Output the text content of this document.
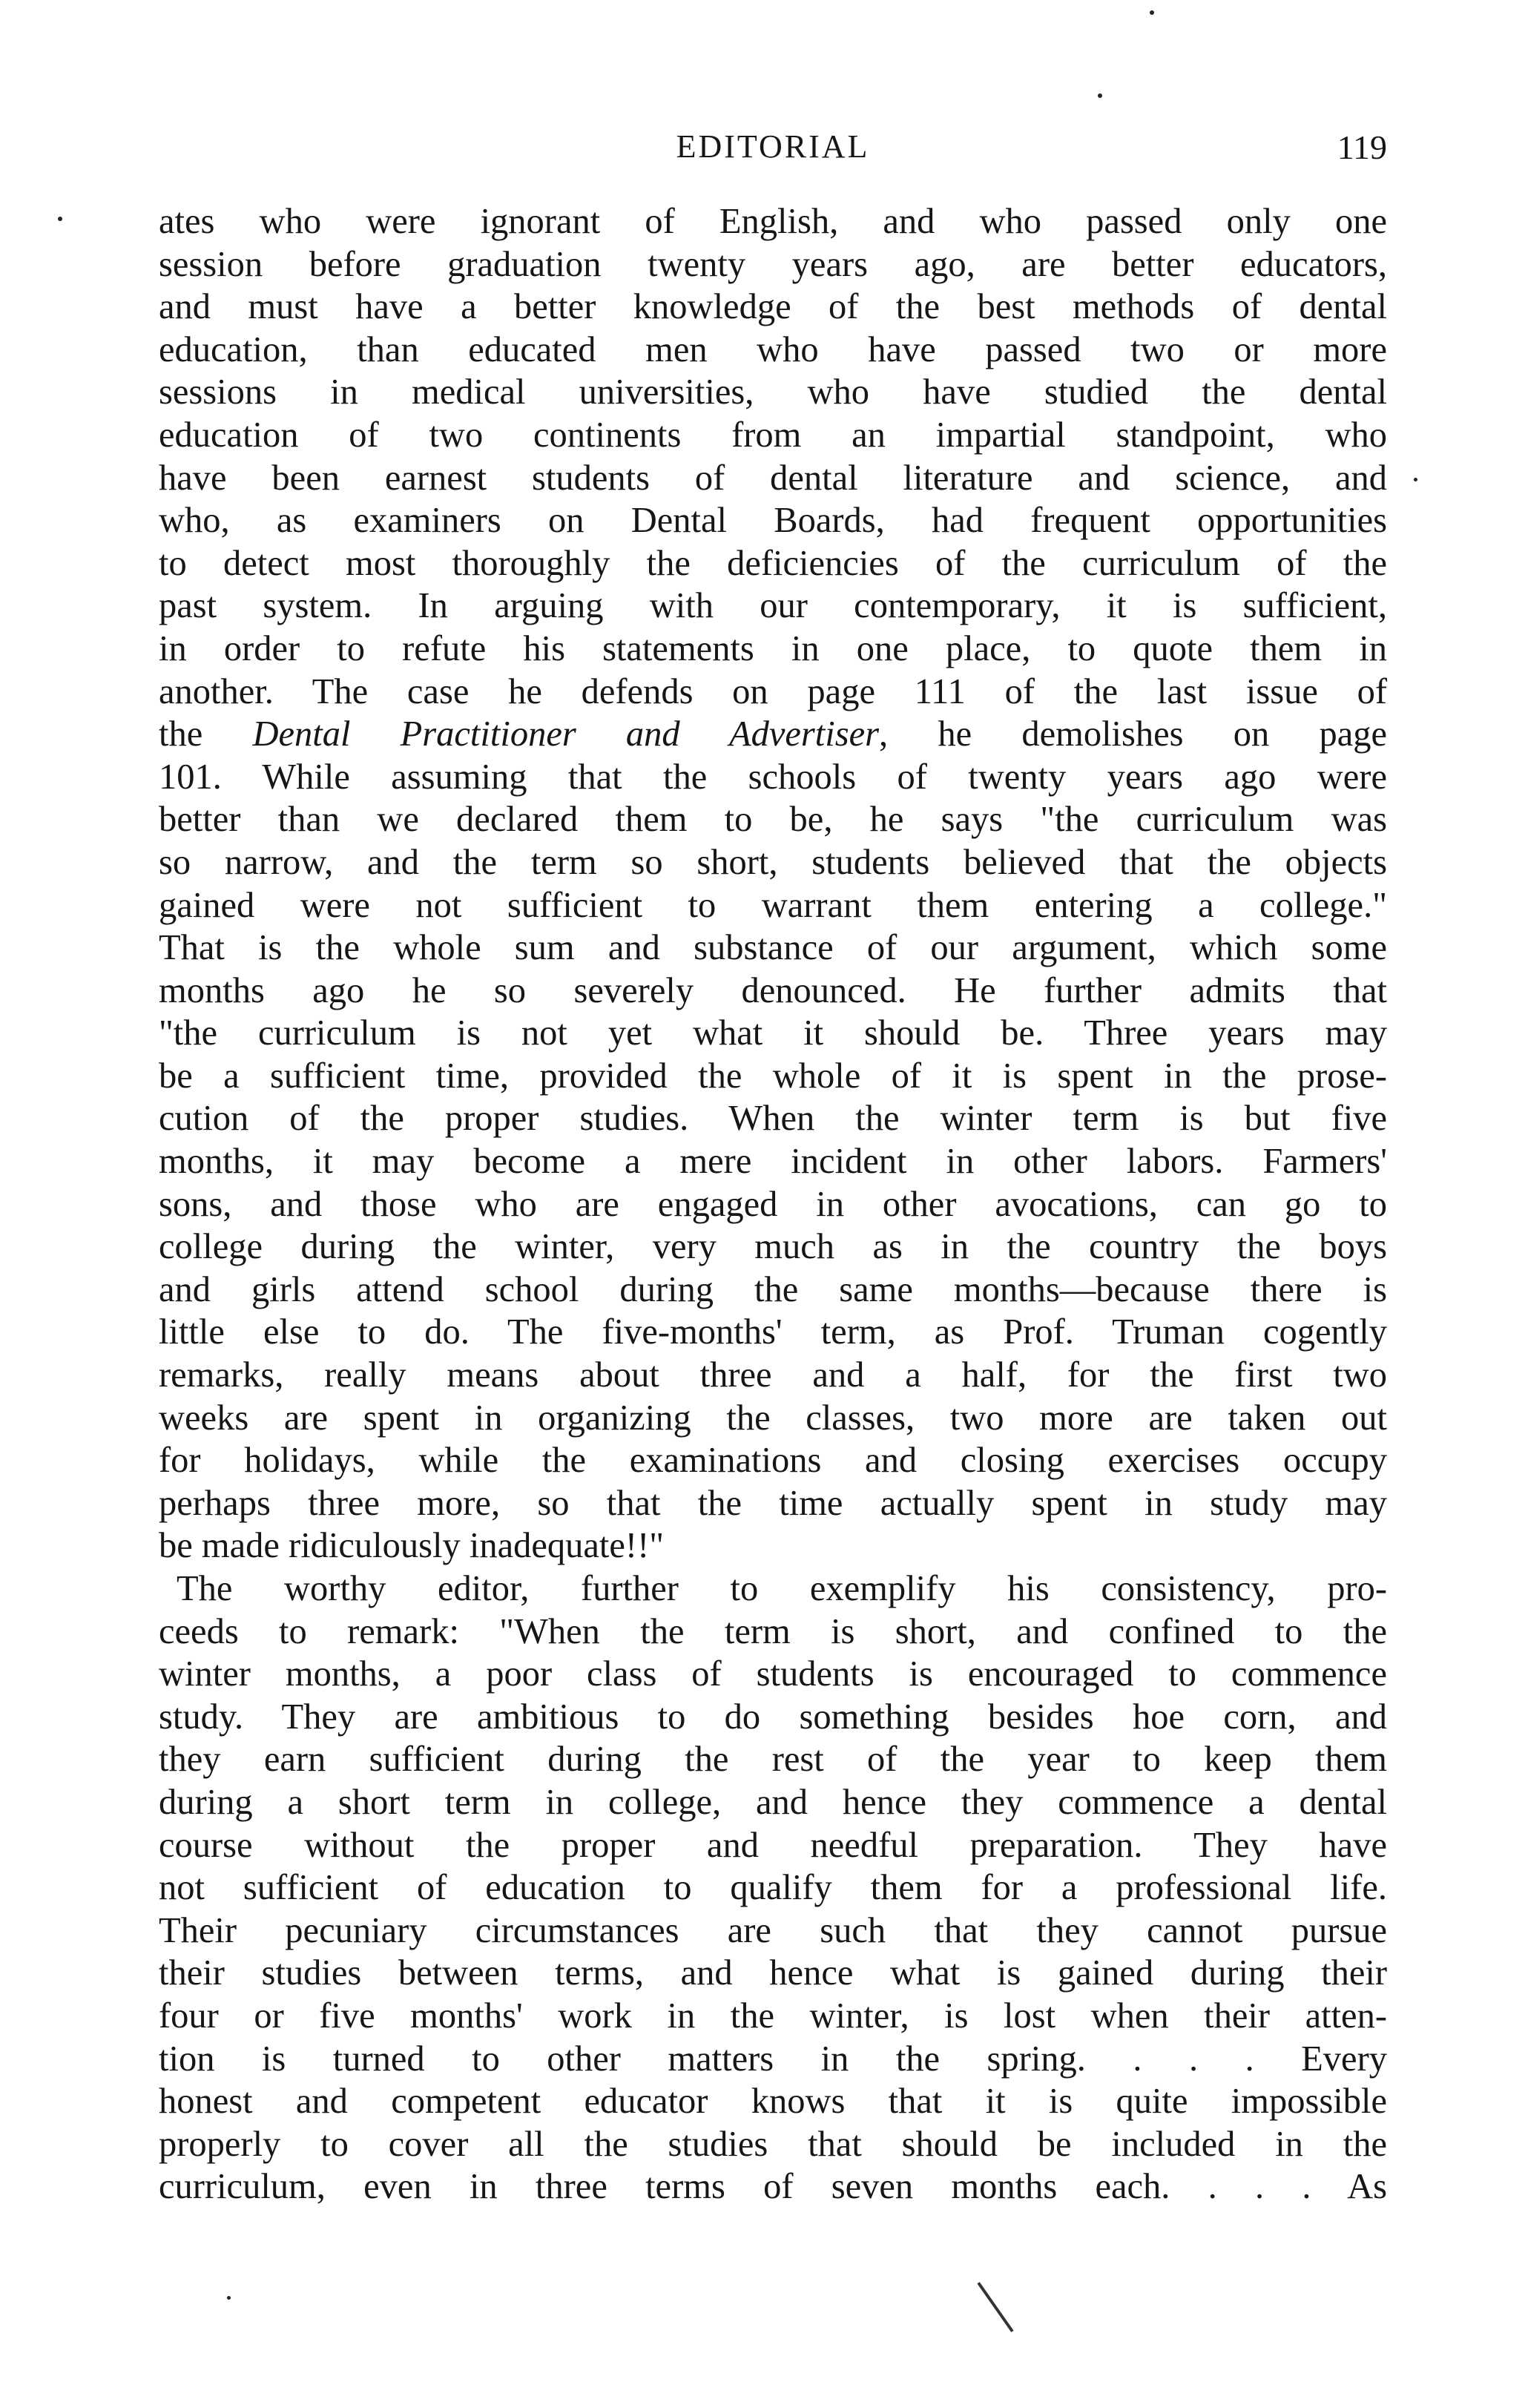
EDITORIAL	119
ates who were ignorant of English, and who passed only one
session before graduation twenty years ago, are better educators,
and must have a better knowledge of the best methods of dental
education, than educated men who have passed two or more
sessions in medical universities, who have studied the dental
education of two continents from an impartial standpoint, who
have been earnest students of dental literature and science, and
who, as examiners on Dental Boards, had frequent opportunities
to detect most thoroughly the deficiencies of the curriculum of the
past system. In arguing with our contemporary, it is sufficient,
in order to refute his statements in one place, to quote them in
another. The case he defends on page 111 of the last issue of
the Dental Practitioner and Advertiser, he demolishes on page
101. While assuming that the schools of twenty years ago were
better than we declared them to be, he says "the curriculum was
so narrow, and the term so short, students believed that the objects
gained were not sufficient to warrant them entering a college."
That is the whole sum and substance of our argument, which some
months ago he so severely denounced. He further admits that
"the curriculum is not yet what it should be. Three years may
be a sufficient time, provided the whole of it is spent in the prose-
cution of the proper studies. When the winter term is but five
months, it may become a mere incident in other labors. Farmers'
sons, and those who are engaged in other avocations, can go to
college during the winter, very much as in the country the boys
and girls attend school during the same months—because there is
little else to do. The five-months' term, as Prof. Truman cogently
remarks, really means about three and a half, for the first two
weeks are spent in organizing the classes, two more are taken out
for holidays, while the examinations and closing exercises occupy
perhaps three more, so that the time actually spent in study may
be made ridiculously inadequate!!"
The worthy editor, further to exemplify his consistency, pro-
ceeds to remark: "When the term is short, and confined to the
winter months, a poor class of students is encouraged to commence
study. They are ambitious to do something besides hoe corn, and
they earn sufficient during the rest of the year to keep them
during a short term in college, and hence they commence a dental
course without the proper and needful preparation. They have
not sufficient of education to qualify them for a professional life.
Their pecuniary circumstances are such that they cannot pursue
their studies between terms, and hence what is gained during their
four or five months' work in the winter, is lost when their atten-
tion is turned to other matters in the spring. . . . Every
honest and competent educator knows that it is quite impossible
properly to cover all the studies that should be included in the
curriculum, even in three terms of seven months each. . . . As
